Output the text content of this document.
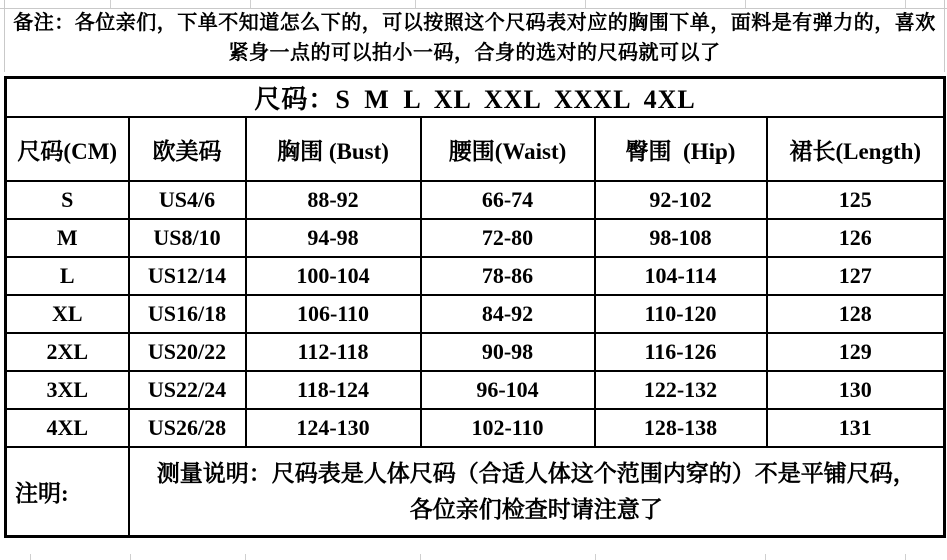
备注：各位亲们，下单不知道怎么下的，可以按照这个尺码表对应的胸围下单，面料是有弹力的，喜欢紧身一点的可以拍小一码，合身的选对的尺码就可以了

尺码：S M L XL XXL XXXL 4XL					
尺码(CM)	欧美码	胸围 (Bust)	腰围(Waist)	臀围  (Hip)	裙长(Length)
S	US4/6	88-92	66-74	92-102	125
M	US8/10	94-98	72-80	98-108	126
L	US12/14	100-104	78-86	104-114	127
XL	US16/18	106-110	84-92	110-120	128
2XL	US20/22	112-118	90-98	116-126	129
3XL	US22/24	118-124	96-104	122-132	130
4XL	US26/28	124-130	102-110	128-138	131
注明:	测量说明：尺码表是人体尺码（合适人体这个范围内穿的）不是平铺尺码，各位亲们检查时请注意了				
